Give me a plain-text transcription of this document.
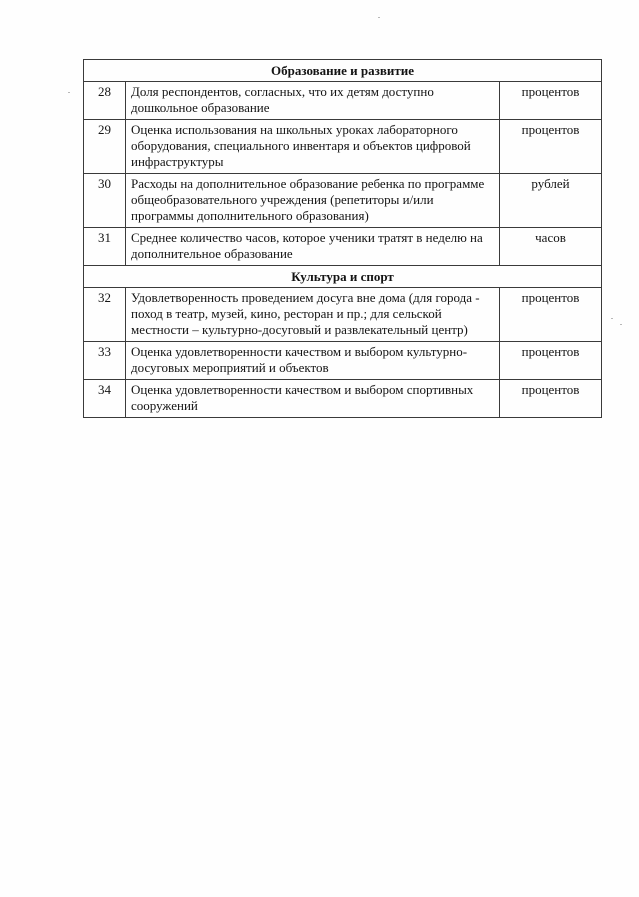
Образование и развитие		
28	Доля респондентов, согласных, что их детям доступно дошкольное образование	процентов
29	Оценка использования на школьных уроках лабораторного оборудования, специального инвентаря и объектов цифровой инфраструктуры	процентов
30	Расходы на дополнительное образование ребенка по программе общеобразовательного учреждения (репетиторы и/или программы дополнительного образования)	рублей
31	Среднее количество часов, которое ученики тратят в неделю на дополнительное образование	часов
Культура и спорт		
32	Удовлетворенность проведением досуга вне дома (для города - поход в театр, музей, кино, ресторан и пр.; для сельской местности – культурно-досуговый и развлекательный центр)	процентов
33	Оценка удовлетворенности качеством и выбором культурно-досуговых мероприятий и объектов	процентов
34	Оценка удовлетворенности качеством и выбором спортивных сооружений	процентов
